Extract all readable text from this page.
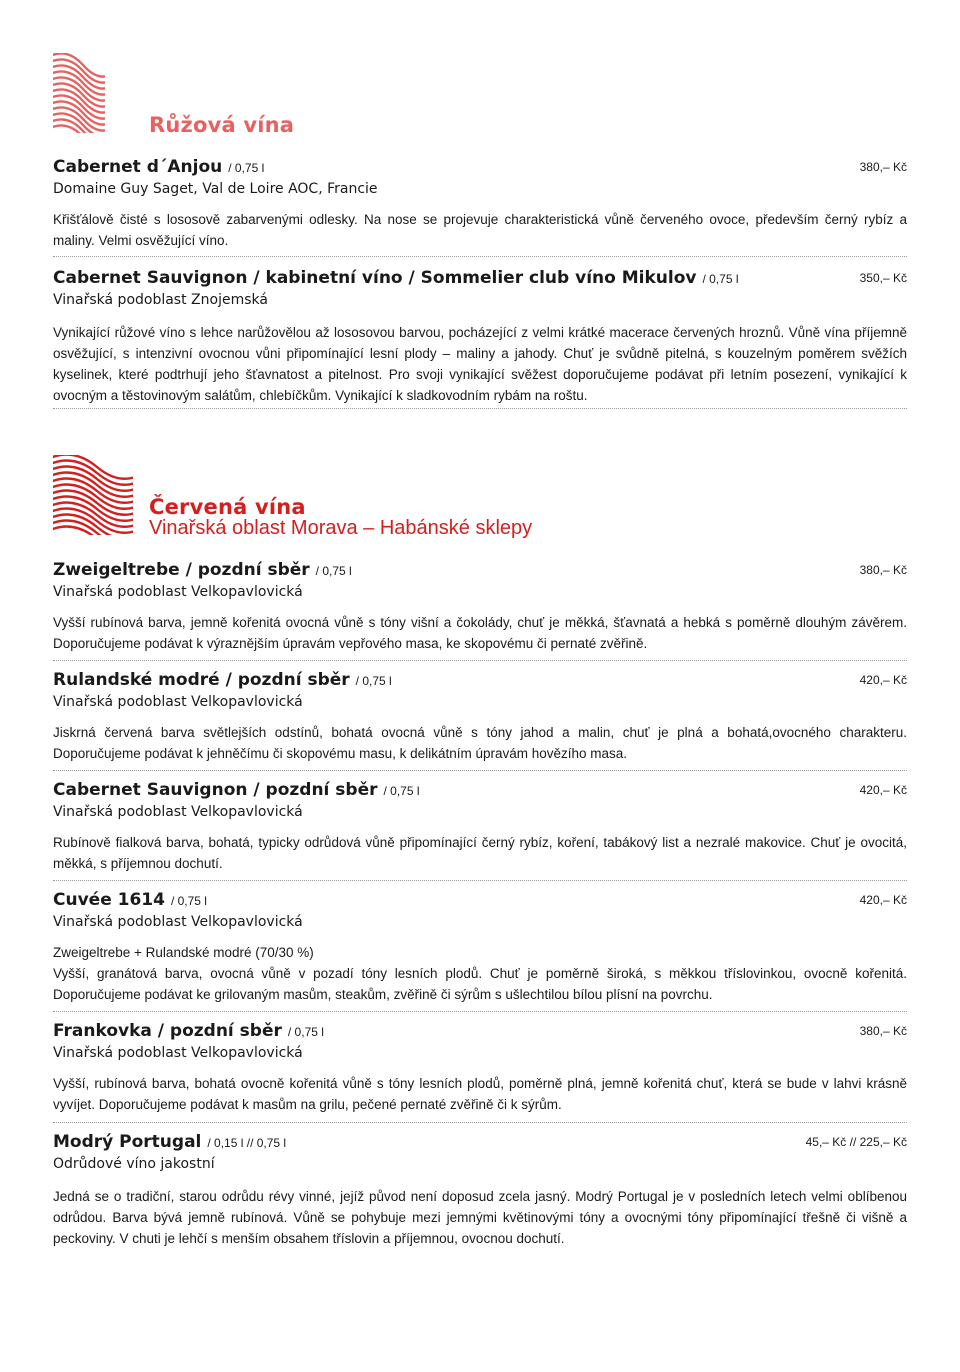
Růžová vína
Cabernet d´Anjou / 0,75 l	380,– Kč
Domaine Guy Saget, Val de Loire AOC, Francie

Křišťálově čisté s lososově zabarvenými odlesky. Na nose se projevuje charakteristická vůně červeného ovoce, především černý rybíz a maliny. Velmi osvěžující víno.

Cabernet Sauvignon / kabinetní víno / Sommelier club víno Mikulov / 0,75 l	350,– Kč
Vinařská podoblast Znojemská

Vynikající růžové víno s lehce narůžovělou až lososovou barvou, pocházející z velmi krátké macerace červených hroznů. Vůně vína příjemně osvěžující, s intenzivní ovocnou vůni připomínající lesní plody – maliny a jahody. Chuť je svůdně pitelná, s kouzelným poměrem svěžích kyselinek, které podtrhují jeho šťavnatost a pitelnost. Pro svoji vynikající svěžest doporučujeme podávat při letním posezení, vynikající k ovocným a těstovinovým salátům, chlebíčkům. Vynikající k sladkovodním rybám na roštu.

Červená vína
Vinařská oblast Morava – Habánské sklepy
Zweigeltrebe / pozdní sběr / 0,75 l	380,– Kč
Vinařská podoblast Velkopavlovická

Vyšší rubínová barva, jemně kořenitá ovocná vůně s tóny višní a čokolády, chuť je měkká, šťavnatá a hebká s poměrně dlouhým závěrem. Doporučujeme podávat k výraznějším úpravám vepřového masa, ke skopovému či pernaté zvěřině.

Rulandské modré / pozdní sběr / 0,75 l	420,– Kč
Vinařská podoblast Velkopavlovická

Jiskrná červená barva světlejších odstínů, bohatá ovocná vůně s tóny jahod a malin, chuť je plná a bohatá,ovocného charakteru. Doporučujeme podávat k jehněčímu či skopovému masu, k delikátním úpravám hovězího masa.

Cabernet Sauvignon / pozdní sběr / 0,75 l	420,– Kč
Vinařská podoblast Velkopavlovická

Rubínově fialková barva, bohatá, typicky odrůdová vůně připomínající černý rybíz, koření, tabákový list a nezralé makovice. Chuť je ovocitá, měkká, s příjemnou dochutí.

Cuvée 1614 / 0,75 l	420,– Kč
Vinařská podoblast Velkopavlovická

Zweigeltrebe + Rulandské modré (70/30 %)

Vyšší, granátová barva, ovocná vůně v pozadí tóny lesních plodů. Chuť je poměrně široká, s měkkou tříslovinkou, ovocně kořenitá. Doporučujeme podávat ke grilovaným masům, steakům, zvěřině či sýrům s ušlechtilou bílou plísní na povrchu.

Frankovka / pozdní sběr / 0,75 l	380,– Kč
Vinařská podoblast Velkopavlovická

Vyšší, rubínová barva, bohatá ovocně kořenitá vůně s tóny lesních plodů, poměrně plná, jemně kořenitá chuť, která se bude v lahvi krásně vyvíjet. Doporučujeme podávat k masům na grilu, pečené pernaté zvěřině či k sýrům.

Modrý Portugal / 0,15 l // 0,75 l	45,– Kč // 225,– Kč
Odrůdové víno jakostní

Jedná se o tradiční, starou odrůdu révy vinné, jejíž původ není doposud zcela jasný. Modrý Portugal je v posledních letech velmi oblíbenou odrůdou. Barva bývá jemně rubínová. Vůně se pohybuje mezi jemnými květinovými tóny a ovocnými tóny připomínající třešně či višně a peckoviny. V chuti je lehčí s menším obsahem tříslovin a příjemnou, ovocnou dochutí.
